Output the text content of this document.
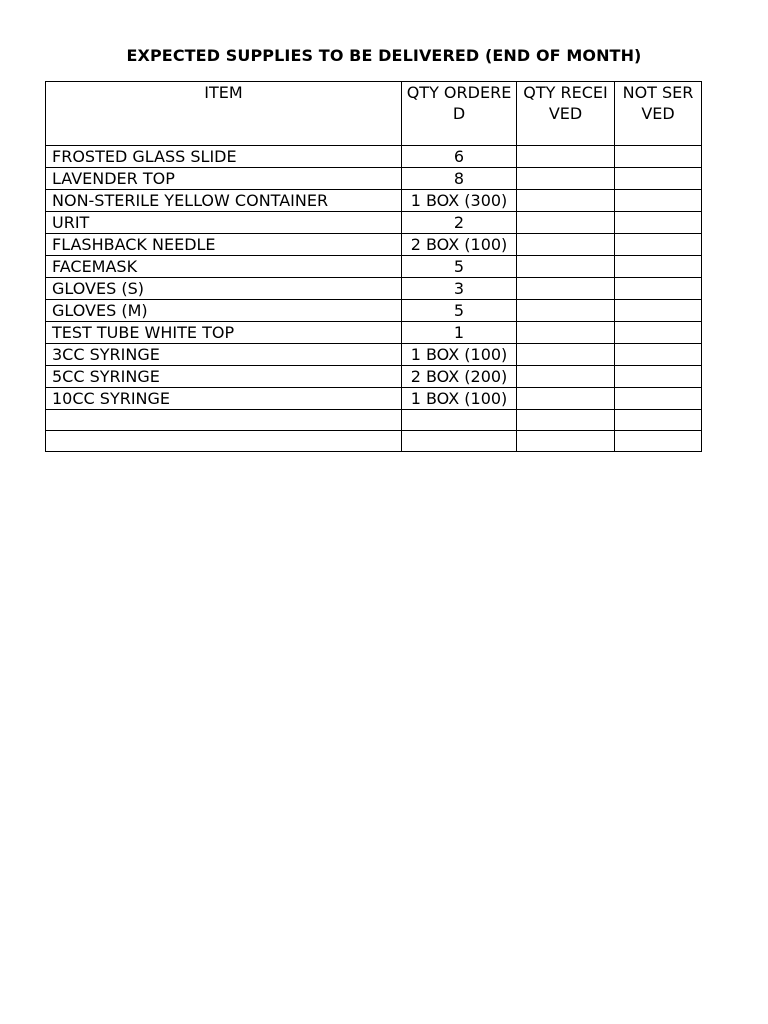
EXPECTED SUPPLIES TO BE DELIVERED (END OF MONTH)
ITEM	QTY ORDERED	QTY RECEIVED	NOT SERVED
FROSTED GLASS SLIDE	6		
LAVENDER TOP	8		
NON-STERILE YELLOW CONTAINER	1 BOX (300)		
URIT	2		
FLASHBACK NEEDLE	2 BOX (100)		
FACEMASK	5		
GLOVES (S)	3		
GLOVES (M)	5		
TEST TUBE WHITE TOP	1		
3CC SYRINGE	1 BOX (100)		
5CC SYRINGE	2 BOX (200)		
10CC SYRINGE	1 BOX (100)		
